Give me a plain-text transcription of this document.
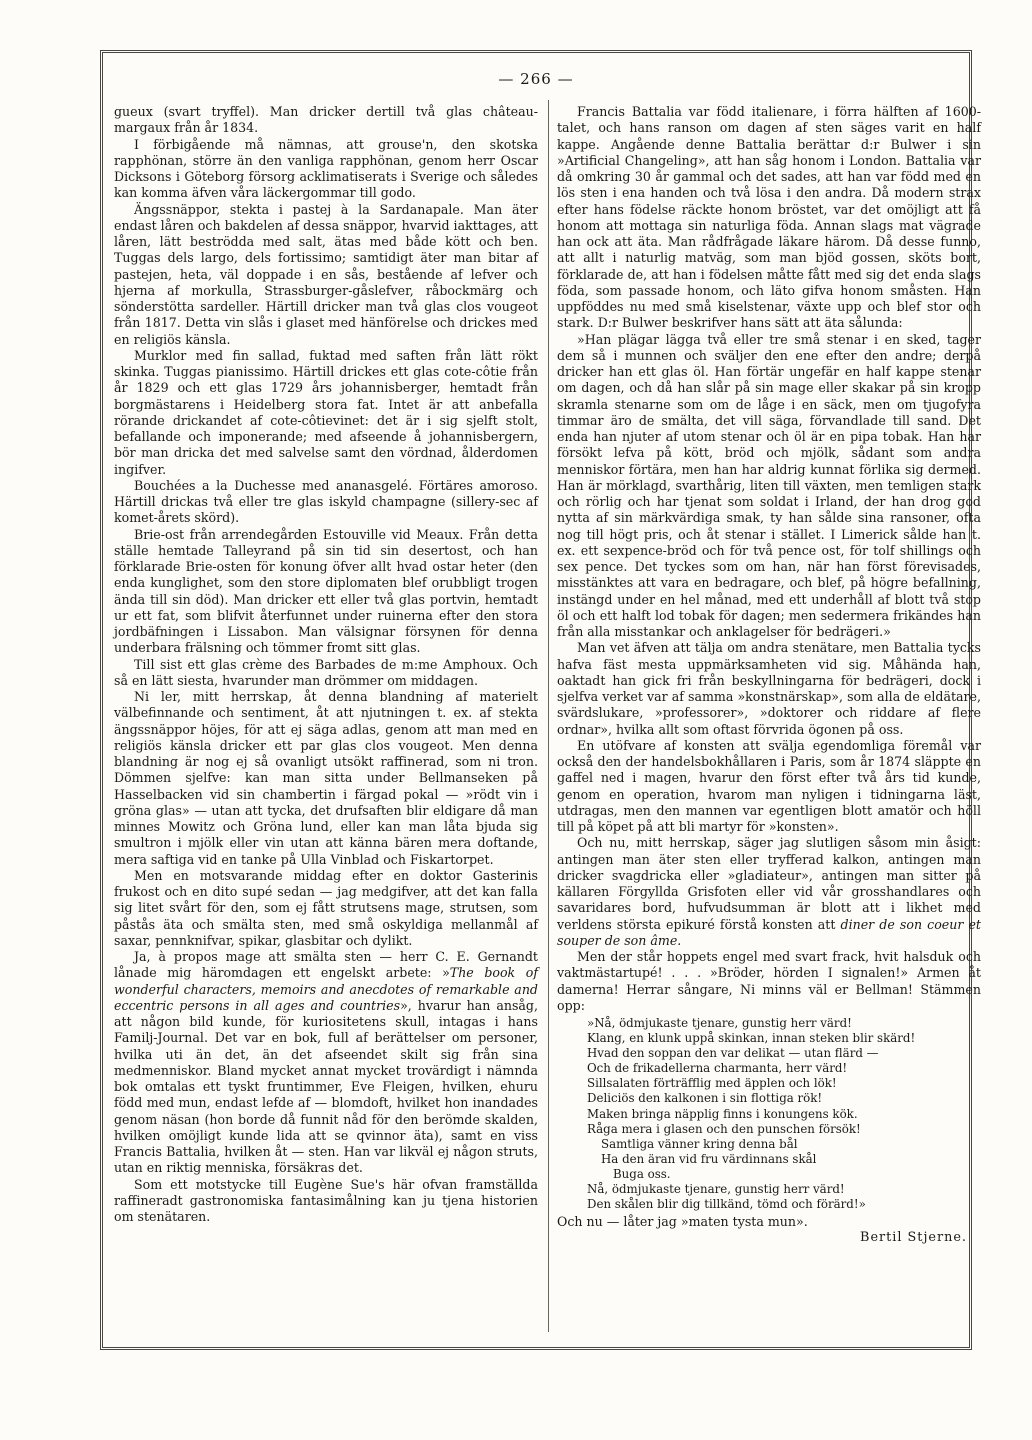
— 266 —

gueux (svart tryffel). Man dricker dertill två glas château-margaux från år 1834.

I förbigående må nämnas, att grouse'n, den skotska rapphönan, större än den vanliga rapphönan, genom herr Oscar Dicksons i Göteborg försorg acklimatiserats i Sverige och således kan komma äfven våra läckergommar till godo.

Ängssnäppor, stekta i pastej à la Sardanapale. Man äter endast låren och bakdelen af dessa snäppor, hvarvid iakttages, att låren, lätt beströdda med salt, ätas med både kött och ben. Tuggas dels largo, dels fortissimo; samtidigt äter man bitar af pastejen, heta, väl doppade i en sås, bestående af lefver och hjerna af morkulla, Strassburger-gåslefver, råbockmärg och sönderstötta sardeller. Härtill dricker man två glas clos vougeot från 1817. Detta vin slås i glaset med hänförelse och drickes med en religiös känsla.

Murklor med fin sallad, fuktad med saften från lätt rökt skinka. Tuggas pianissimo. Härtill drickes ett glas cote-côtie från år 1829 och ett glas 1729 års johannisberger, hemtadt från borgmästarens i Heidelberg stora fat. Intet är att anbefalla rörande drickandet af cote-côtievinet: det är i sig sjelft stolt, befallande och imponerande; med afseende å johannisbergern, bör man dricka det med salvelse samt den vördnad, ålderdomen ingifver.

Bouchées a la Duchesse med ananasgelé. Förtäres amoroso. Härtill drickas två eller tre glas iskyld champagne (sillery-sec af komet-årets skörd).

Brie-ost från arrendegården Estouville vid Meaux. Från detta ställe hemtade Talleyrand på sin tid sin desertost, och han förklarade Brie-osten för konung öfver allt hvad ostar heter (den enda kunglighet, som den store diplomaten blef orubbligt trogen ända till sin död). Man dricker ett eller två glas portvin, hemtadt ur ett fat, som blifvit återfunnet under ruinerna efter den stora jordbäfningen i Lissabon. Man välsignar försynen för denna underbara frälsning och tömmer fromt sitt glas.

Till sist ett glas crème des Barbades de m:me Amphoux. Och så en lätt siesta, hvarunder man drömmer om middagen.

Ni ler, mitt herrskap, åt denna blandning af materielt välbefinnande och sentiment, åt att njutningen t. ex. af stekta ängssnäppor höjes, för att ej säga adlas, genom att man med en religiös känsla dricker ett par glas clos vougeot. Men denna blandning är nog ej så ovanligt utsökt raffinerad, som ni tron. Dömmen sjelfve: kan man sitta under Bellmanseken på Hasselbacken vid sin chambertin i färgad pokal — »rödt vin i gröna glas» — utan att tycka, det drufsaften blir eldigare då man minnes Mowitz och Gröna lund, eller kan man låta bjuda sig smultron i mjölk eller vin utan att känna bären mera doftande, mera saftiga vid en tanke på Ulla Vinblad och Fiskartorpet.

Men en motsvarande middag efter en doktor Gasterinis frukost och en dito supé sedan — jag medgifver, att det kan falla sig litet svårt för den, som ej fått strutsens mage, strutsen, som påstås äta och smälta sten, med små oskyldiga mellanmål af saxar, pennknifvar, spikar, glasbitar och dylikt.

Ja, à propos mage att smälta sten — herr C. E. Gernandt lånade mig häromdagen ett engelskt arbete: »The book of wonderful characters, memoirs and anecdotes of remarkable and eccentric persons in all ages and countries», hvarur han ansåg, att någon bild kunde, för kuriositetens skull, intagas i hans Familj-Journal. Det var en bok, full af berättelser om personer, hvilka uti än det, än det afseendet skilt sig från sina medmenniskor. Bland mycket annat mycket trovärdigt i nämnda bok omtalas ett tyskt fruntimmer, Eve Fleigen, hvilken, ehuru född med mun, endast lefde af — blomdoft, hvilket hon inandades genom näsan (hon borde då funnit nåd för den berömde skalden, hvilken omöjligt kunde lida att se qvinnor äta), samt en viss Francis Battalia, hvilken åt — sten. Han var likväl ej någon struts, utan en riktig menniska, försäkras det.

Som ett motstycke till Eugène Sue's här ofvan framställda raffineradt gastronomiska fantasimålning kan ju tjena historien om stenätaren.

Francis Battalia var född italienare, i förra hälften af 1600-talet, och hans ranson om dagen af sten säges varit en half kappe. Angående denne Battalia berättar d:r Bulwer i sin »Artificial Changeling», att han såg honom i London. Battalia var då omkring 30 år gammal och det sades, att han var född med en lös sten i ena handen och två lösa i den andra. Då modern strax efter hans födelse räckte honom bröstet, var det omöjligt att få honom att mottaga sin naturliga föda. Annan slags mat vägrade han ock att äta. Man rådfrågade läkare härom. Då desse funno, att allt i naturlig matväg, som man bjöd gossen, sköts bort, förklarade de, att han i födelsen måtte fått med sig det enda slags föda, som passade honom, och läto gifva honom småsten. Han uppföddes nu med små kiselstenar, växte upp och blef stor och stark. D:r Bulwer beskrifver hans sätt att äta sålunda:

»Han plägar lägga två eller tre små stenar i en sked, tager dem så i munnen och sväljer den ene efter den andre; derpå dricker han ett glas öl. Han förtär ungefär en half kappe stenar om dagen, och då han slår på sin mage eller skakar på sin kropp skramla stenarne som om de låge i en säck, men om tjugofyra timmar äro de smälta, det vill säga, förvandlade till sand. Det enda han njuter af utom stenar och öl är en pipa tobak. Han har försökt lefva på kött, bröd och mjölk, sådant som andra menniskor förtära, men han har aldrig kunnat förlika sig dermed. Han är mörklagd, svarthårig, liten till växten, men temligen stark och rörlig och har tjenat som soldat i Irland, der han drog god nytta af sin märkvärdiga smak, ty han sålde sina ransoner, ofta nog till högt pris, och åt stenar i stället. I Limerick sålde han t. ex. ett sexpence-bröd och för två pence ost, för tolf shillings och sex pence. Det tyckes som om han, när han först förevisades, misstänktes att vara en bedragare, och blef, på högre befallning, instängd under en hel månad, med ett underhåll af blott två stop öl och ett halft lod tobak för dagen; men sedermera frikändes han från alla misstankar och anklagelser för bedrägeri.»

Man vet äfven att tälja om andra stenätare, men Battalia tycks hafva fäst mesta uppmärksamheten vid sig. Måhända han, oaktadt han gick fri från beskyllningarna för bedrägeri, dock i sjelfva verket var af samma »konstnärskap», som alla de eldätare, svärdslukare, »professorer», »doktorer och riddare af flere ordnar», hvilka allt som oftast förvrida ögonen på oss.

En utöfvare af konsten att svälja egendomliga föremål var också den der handelsbokhållaren i Paris, som år 1874 släppte en gaffel ned i magen, hvarur den först efter två års tid kunde, genom en operation, hvarom man nyligen i tidningarna läst, utdragas, men den mannen var egentligen blott amatör och höll till på köpet på att bli martyr för »konsten».

Och nu, mitt herrskap, säger jag slutligen såsom min åsigt: antingen man äter sten eller tryfferad kalkon, antingen man dricker svagdricka eller »gladiateur», antingen man sitter på källaren Förgyllda Grisfoten eller vid vår grosshandlares och savaridares bord, hufvudsumman är blott att i likhet med verldens största epikuré förstå konsten att diner de son coeur et souper de son âme.

Men der står hoppets engel med svart frack, hvit halsduk och vaktmästartupé! . . . »Bröder, hörden I signalen!» Armen åt damerna! Herrar sångare, Ni minns väl er Bellman! Stämmen opp:

»Nå, ödmjukaste tjenare, gunstig herr värd!
Klang, en klunk uppå skinkan, innan steken blir skärd!
Hvad den soppan den var delikat — utan flärd —
Och de frikadellerna charmanta, herr värd!
Sillsalaten förträfflig med äpplen och lök!
Deliciös den kalkonen i sin flottiga rök!
Maken bringa näpplig finns i konungens kök.
Råga mera i glasen och den punschen försök!
Samtliga vänner kring denna bål
Ha den äran vid fru värdinnans skål
Buga oss.
Nå, ödmjukaste tjenare, gunstig herr värd!
Den skålen blir dig tillkänd, tömd och förärd!»

Och nu — låter jag »maten tysta mun».

Bertil Stjerne.
